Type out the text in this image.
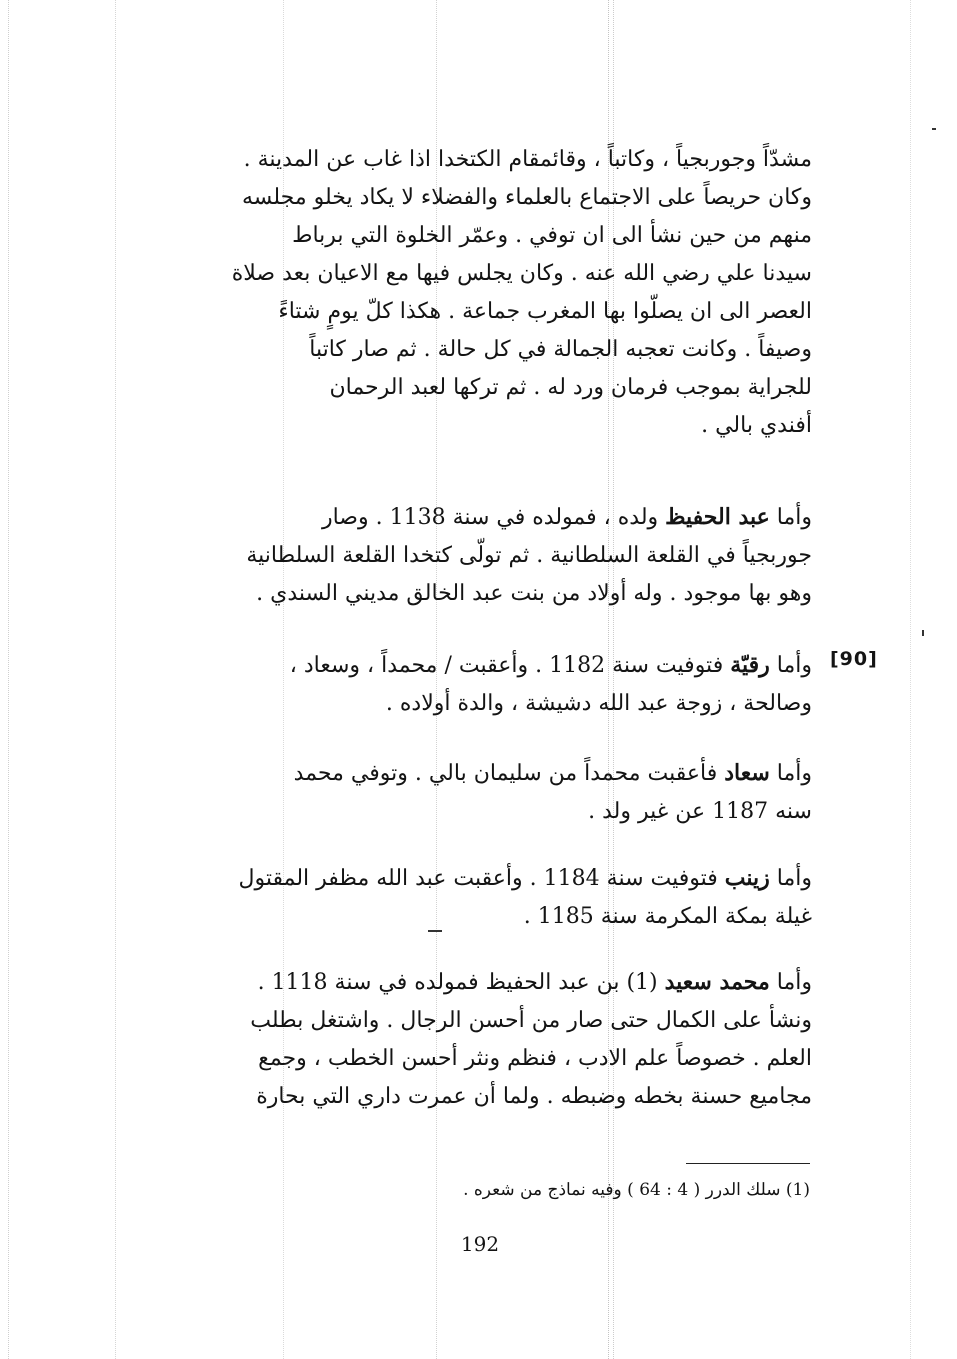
مشدّاً وجوربجياً ، وكاتباً ، وقائمقام الكتخدا اذا غاب عن المدينة .
وكان حريصاً على الاجتماع بالعلماء والفضلاء لا يكاد يخلو مجلسه
منهم من حين نشأ الى ان توفي . وعمّر الخلوة التي برباط
سيدنا علي رضي الله عنه . وكان يجلس فيها مع الاعيان بعد صلاة
العصر الى ان يصلّوا بها المغرب جماعة . هكذا كلّ يومٍ شتاءً
وصيفاً . وكانت تعجبه الجمالة في كل حالة . ثم صار كاتباً
للجراية بموجب فرمان ورد له . ثم تركها لعبد الرحمان
أفندي بالي .
وأما عبد الحفيظ ولده ، فمولده في سنة 1138 . وصار
جوربجياً في القلعة السلطانية . ثم تولّى كتخدا القلعة السلطانية
وهو بها موجود . وله أولاد من بنت عبد الخالق مديني السندي .
[90]
وأما رقيّة فتوفيت سنة 1182 . وأعقبت / محمداً ، وسعاد ،
وصالحة ، زوجة عبد الله دشيشة ، والدة أولاده .
وأما سعاد فأعقبت محمداً من سليمان بالي . وتوفي محمد
سنه 1187 عن غير ولد .
وأما زينب فتوفيت سنة 1184 . وأعقبت عبد الله مظفر المقتول
غيلة بمكة المكرمة سنة 1185 .
وأما محمد سعيد (1) بن عبد الحفيظ فمولده في سنة 1118 .
ونشأ على الكمال حتى صار من أحسن الرجال . واشتغل بطلب
العلم . خصوصاً علم الادب ، فنظم ونثر أحسن الخطب ، وجمع
مجاميع حسنة بخطه وضبطه . ولما أن عمرت داري التي بحارة
(1) سلك الدرر ( 4 : 64 ) وفيه نماذج من شعره .
192
